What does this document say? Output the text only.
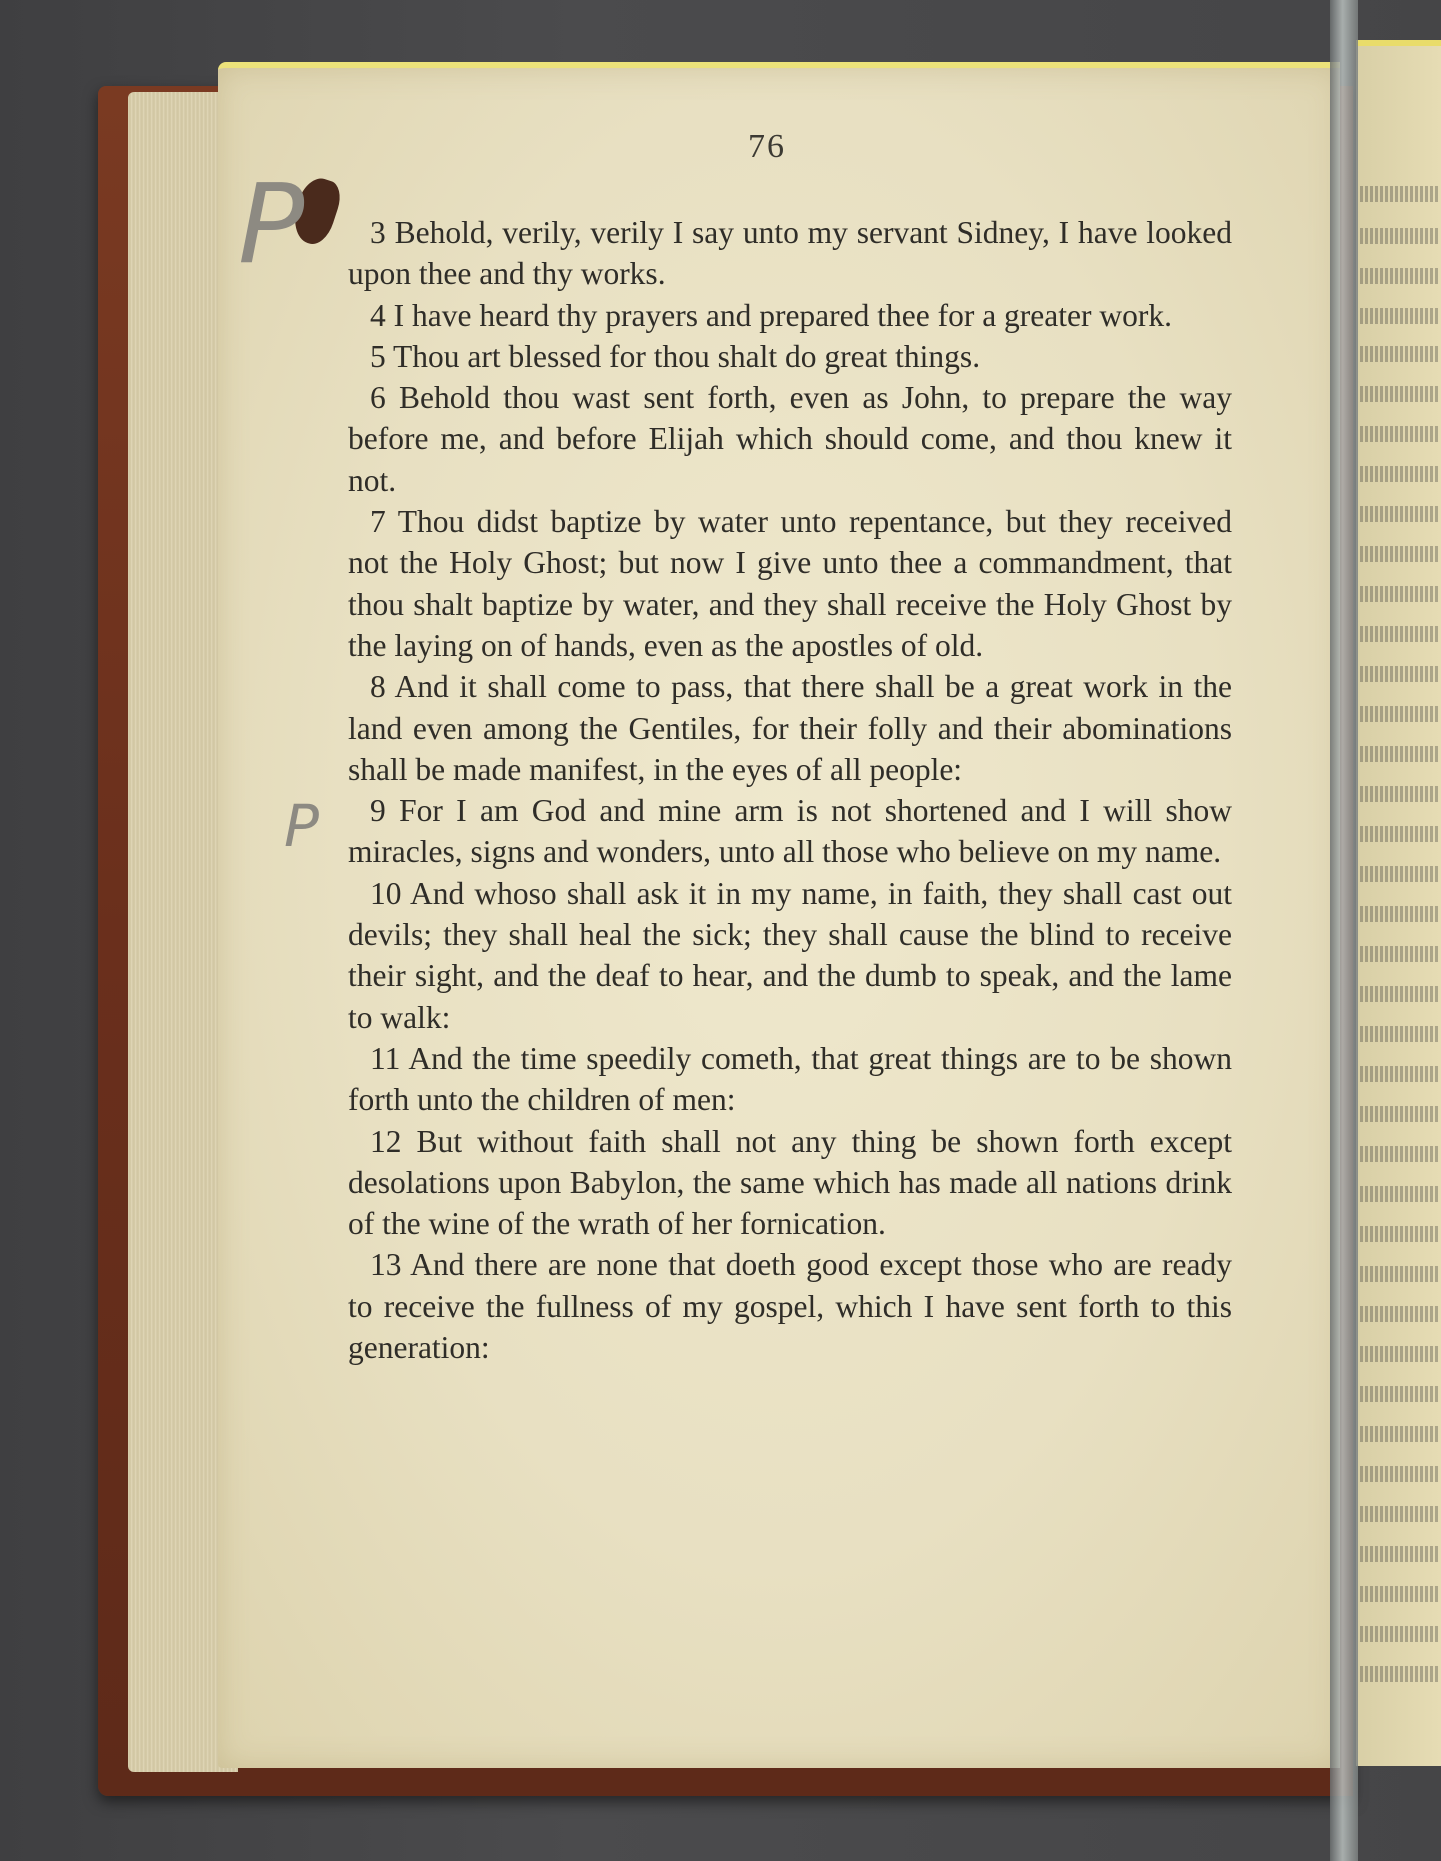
P
P
76

3 Behold, verily, verily I say unto my servant Sidney, I have looked upon thee and thy works.

4 I have heard thy prayers and prepared thee for a greater work.

5 Thou art blessed for thou shalt do great things.

6 Behold thou wast sent forth, even as John, to prepare the way before me, and before Elijah which should come, and thou knew it not.

7 Thou didst baptize by water unto repentance, but they received not the Holy Ghost; but now I give unto thee a commandment, that thou shalt baptize by water, and they shall receive the Holy Ghost by the laying on of hands, even as the apostles of old.

8 And it shall come to pass, that there shall be a great work in the land even among the Gentiles, for their folly and their abominations shall be made manifest, in the eyes of all people:

9 For I am God and mine arm is not shortened and I will show miracles, signs and wonders, unto all those who believe on my name.

10 And whoso shall ask it in my name, in faith, they shall cast out devils; they shall heal the sick; they shall cause the blind to receive their sight, and the deaf to hear, and the dumb to speak, and the lame to walk:

11 And the time speedily cometh, that great things are to be shown forth unto the children of men:

12 But without faith shall not any thing be shown forth except desolations upon Babylon, the same which has made all nations drink of the wine of the wrath of her fornication.

13 And there are none that doeth good except those who are ready to receive the fullness of my gospel, which I have sent forth to this generation:
